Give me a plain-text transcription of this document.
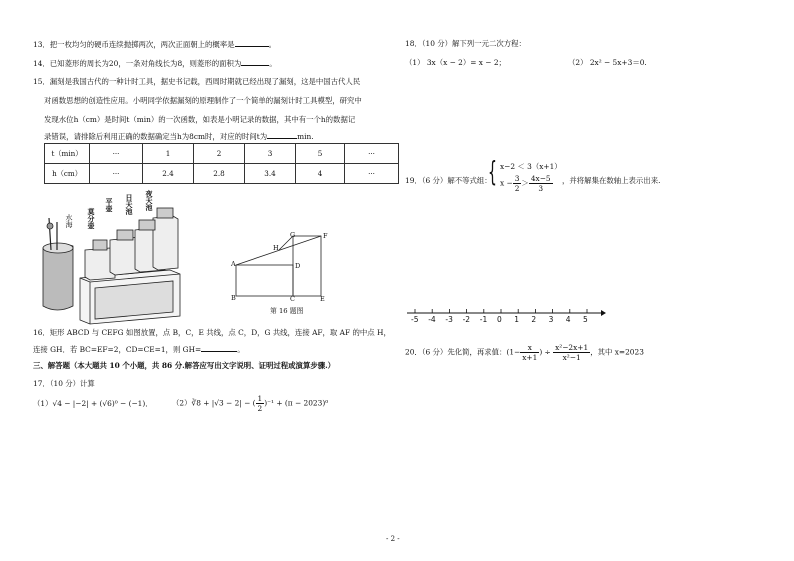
13．把一枚均匀的硬币连续抛掷两次，两次正面朝上的概率是	。
14．已知菱形的周长为20，一条对角线长为8，则菱形的面积为	。
15．漏刻是我国古代的一种计时工具，据史书记载，西周时期就已经出现了漏刻，这是中国古代人民
对函数思想的创造性应用。小明同学依据漏刻的原理制作了一个简单的漏刻计时工具模型，研究中
发现水位h（cm）是时间t（min）的一次函数，如表是小明记录的数据，其中有一个h的数据记
录错误，请排除后利用正确的数据确定当h为8cm时，对应的时间t为	min.
t（min）	···	1	2	3	5	···
h（cm）	···	2.4	2.8	3.4	4	···
水海 莫分壶
平壶 日天池 夜天池
A
B	C
D
E
F
G
H
第 16 题图
16．矩形 ABCD 与 CEFG 如图放置，点 B，C，E 共线，点 C，D，G 共线，连接 AF，取 AF 的中点 H，
连接 GH．若 BC=EF=2，CD=CE=1，则 GH=	。
三、解答题（本大题共 10 个小题，共 86 分.解答应写出文字说明、证明过程或演算步骤.）
17．（10 分）计算
（1）√4 − |−2| + (√6)⁰ − (−1)．	（2）∛8 + |√3 − 2| − ( $\frac{1}{2} )^{-1} + (\pi - 2023)^0$
18．（10 分）解下列一元二次方程：
（1） 3x（x − 2）= x − 2；	（2） 2x² − 5x+3＝0.
19．（6 分）解不等式组：
{ x−2 ＜ 3（x+1）
$x - \frac{3}{2} > \frac{4x-5}{3}$ ，并将解集在数轴上表示出来.
-5 -4 -3 -2 -1 0 1 2 3 4 5
20．（6 分）先化简，再求值：($1- \frac{x}{x+1}$ ) ÷ $\frac{\text{x²−2x+1}}{\text{x²−1}}$ ，其中 x=2023
- 2 -
